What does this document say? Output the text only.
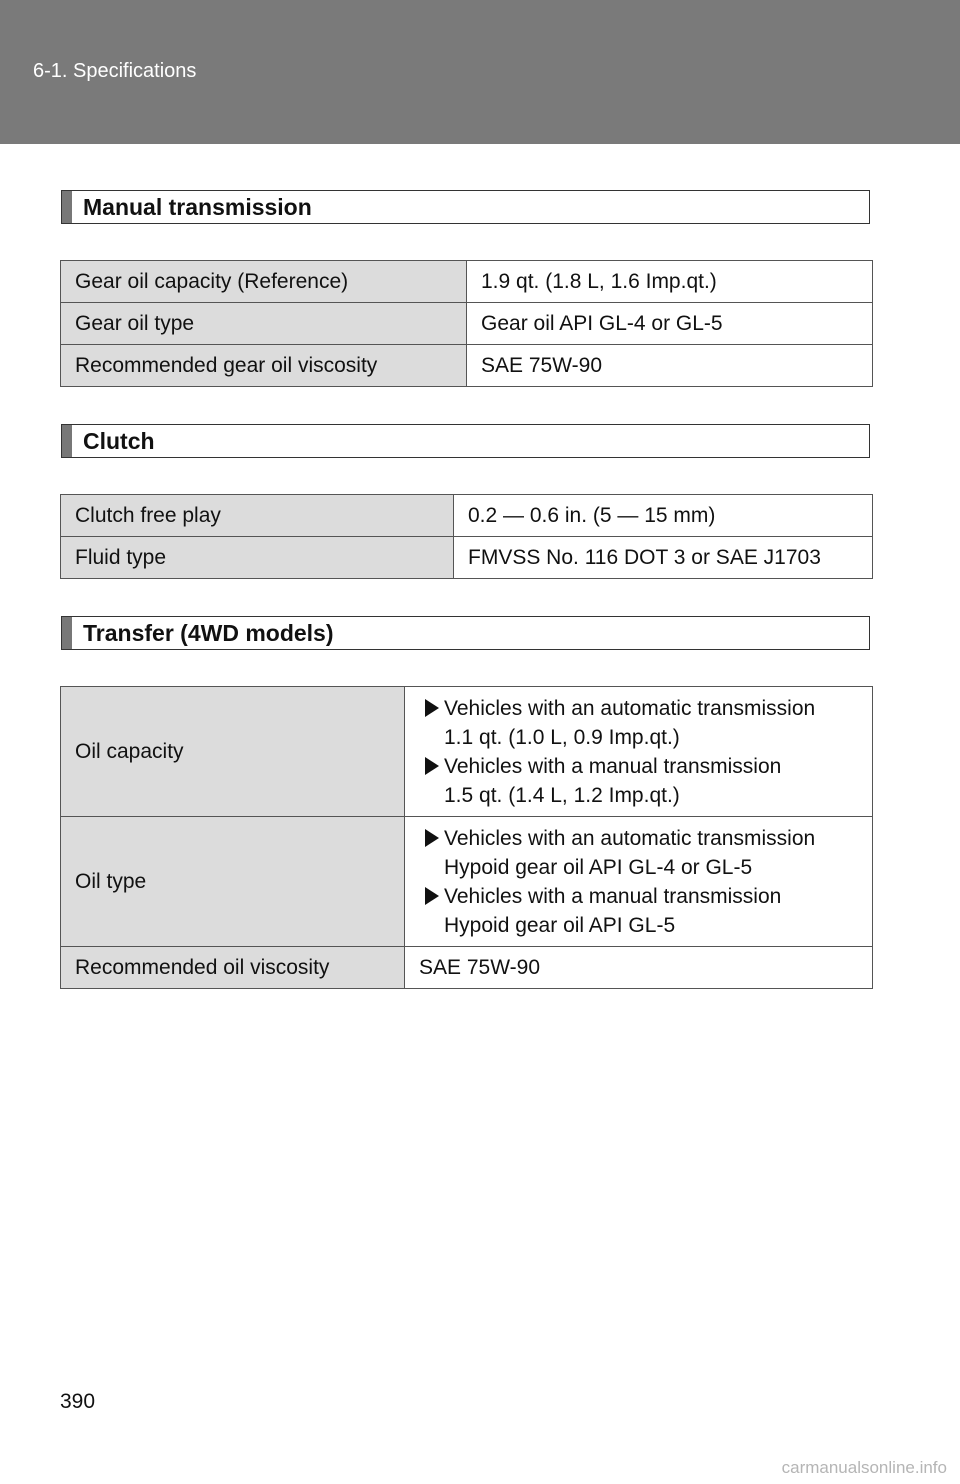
6-1. Specifications
Manual transmission
Gear oil capacity (Reference)	1.9 qt. (1.8 L, 1.6 Imp.qt.)
Gear oil type	Gear oil API GL-4 or GL-5
Recommended gear oil viscosity	SAE 75W-90
Clutch
Clutch free play	0.2 — 0.6 in. (5 — 15 mm)
Fluid type	FMVSS No. 116 DOT 3 or SAE J1703
Transfer (4WD models)
Oil capacity	Vehicles with an automatic transmission
1.1 qt. (1.0 L, 0.9 Imp.qt.)
Vehicles with a manual transmission
1.5 qt. (1.4 L, 1.2 Imp.qt.)

Oil type	Vehicles with an automatic transmission
Hypoid gear oil API GL-4 or GL-5
Vehicles with a manual transmission
Hypoid gear oil API GL-5

Recommended oil viscosity	SAE 75W-90
390
carmanualsonline.info
